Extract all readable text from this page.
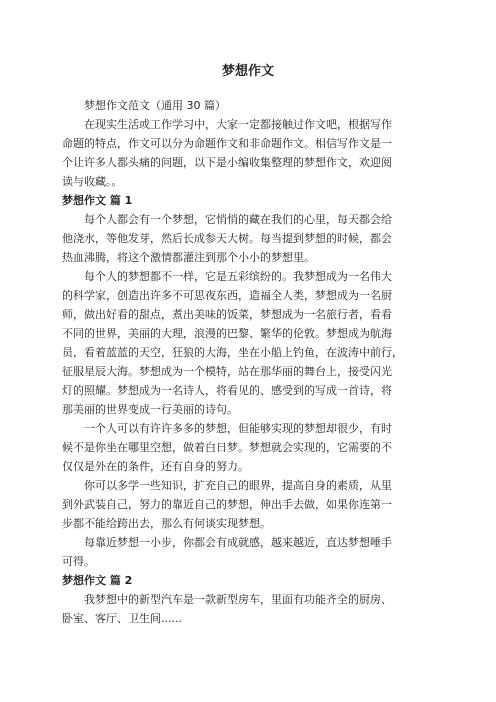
梦想作文
梦想作文范文（通用 30 篇）
在现实生活或工作学习中，大家一定都接触过作文吧，根据写作
命题的特点，作文可以分为命题作文和非命题作文。相信写作文是一
个让许多人都头痛的问题，以下是小编收集整理的梦想作文，欢迎阅
读与收藏。。
梦想作文 篇 1
每个人都会有一个梦想，它悄悄的藏在我们的心里，每天都会给
他浇水，等他发芽，然后长成参天大树。每当提到梦想的时候，都会
热血沸腾，将这个激情都灌注到那个小小的梦想里。
每个人的梦想都不一样，它是五彩缤纷的。我梦想成为一名伟大
的科学家，创造出许多不可思夜东西，造福全人类，梦想成为一名厨
师，做出好看的甜点，煮出美味的饭菜，梦想成为一名旅行者，看看
不同的世界，美丽的大理，浪漫的巴黎、繁华的伦敦。梦想成为航海
员，看着蓝蓝的天空，狂狼的大海，坐在小船上钓鱼，在波涛中前行，
征服星辰大海。梦想成为一个模特，站在那华丽的舞台上，接受闪光
灯的照耀。梦想成为一名诗人，将看见的、感受到的写成一首诗，将
那美丽的世界变成一行美丽的诗句。
一个人可以有许许多多的梦想，但能够实现的梦想却很少，有时
候不是你坐在哪里空想，做着白日梦。梦想就会实现的，它需要的不
仅仅是外在的条件，还有自身的努力。
你可以多学一些知识，扩充自己的眼界，提高自身的素质，从里
到外武装自己，努力的靠近自己的梦想，伸出手去做，如果你连第一
步都不能给跨出去，那么有何谈实现梦想。
每靠近梦想一小步，你都会有成就感，越来越近，直达梦想唾手
可得。
梦想作文 篇 2
我梦想中的新型汽车是一款新型房车，里面有功能齐全的厨房、
卧室、客厅、卫生间......
